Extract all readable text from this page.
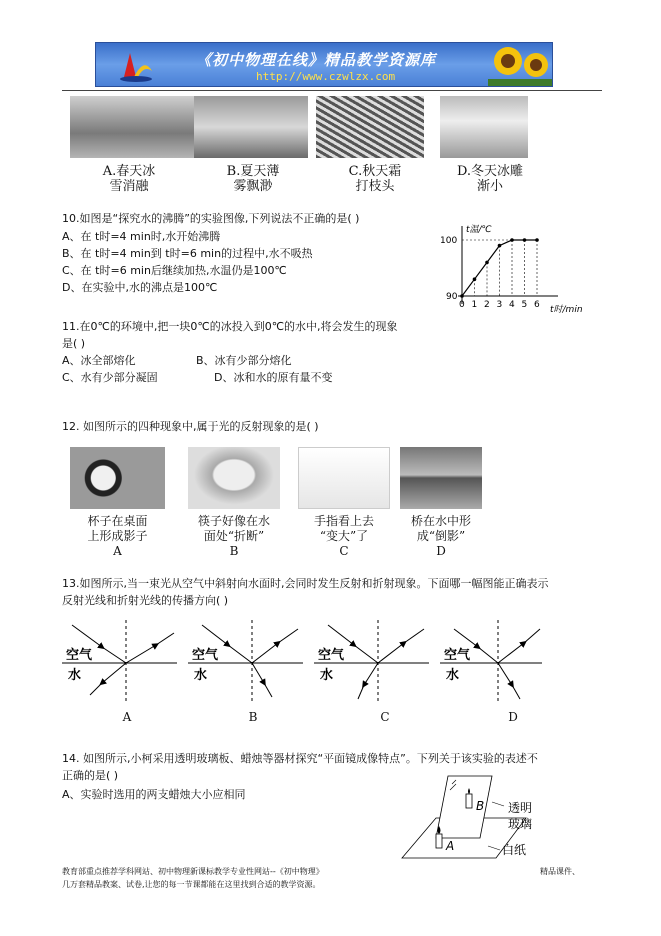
《初中物理在线》精品教学资源库
http://www.czwlzx.com
A.春天冰
雪消融
B.夏天薄
雾飘渺
C.秋天霜
打枝头
D.冬天冰雕
渐小
10.如图是“探究水的沸腾”的实验图像,下列说法不正确的是( )
A、在 t时=4 min时,水开始沸腾
B、在 t时=4 min到 t时=6 min的过程中,水不吸热
C、在 t时=6 min后继续加热,水温仍是100℃
D、在实验中,水的沸点是100℃
t温/℃
t时/min
0 1 2 3 4 5 6
90
100
11.在0℃的环境中,把一块0℃的冰投入到0℃的水中,将会发生的现象
是( )
A、冰全部熔化	B、冰有少部分熔化
C、水有少部分凝固	D、冰和水的原有量不变
12. 如图所示的四种现象中,属于光的反射现象的是( )
杯子在桌面
上形成影子
A
筷子好像在水
面处“折断”
B
手指看上去
“变大”了
C
桥在水中形
成“倒影”
D
13.如图所示,当一束光从空气中斜射向水面时,会同时发生反射和折射现象。下面哪一幅图能正确表示
反射光线和折射光线的传播方向( )
空气
水
空气
水
空气
水
空气
水
A	B	C	D
14. 如图所示,小柯采用透明玻璃板、蜡烛等器材探究“平面镜成像特点”。下列关于该实验的表述不
正确的是( )
A、实验时选用的两支蜡烛大小应相同
B
A
透明
玻璃
白纸
教育部重点推荐学科网站、初中物理新课标教学专业性网站--《初中物理》	精品课件、
几万套精品教案、试卷,让您的每一节课都能在这里找到合适的教学资源。
